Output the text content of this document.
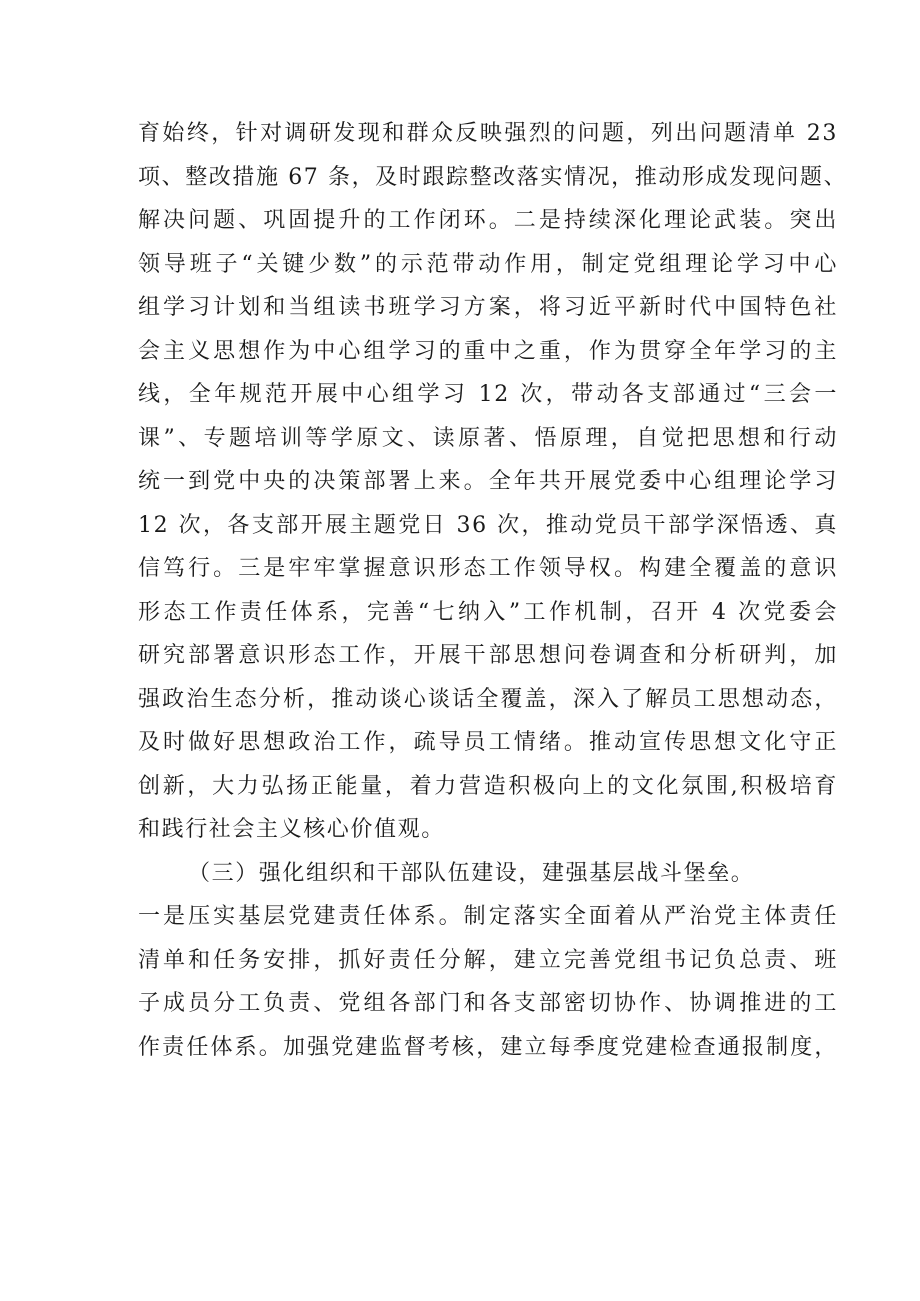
育始终，针对调研发现和群众反映强烈的问题，列出问题清单 23
项、整改措施 67 条，及时跟踪整改落实情况，推动形成发现问题、
解决问题、巩固提升的工作闭环。二是持续深化理论武装。突出
领导班子“关键少数”的示范带动作用，制定党组理论学习中心
组学习计划和当组读书班学习方案，将习近平新时代中国特色社
会主义思想作为中心组学习的重中之重，作为贯穿全年学习的主
线，全年规范开展中心组学习 12 次，带动各支部通过“三会一
课”、专题培训等学原文、读原著、悟原理，自觉把思想和行动
统一到党中央的决策部署上来。全年共开展党委中心组理论学习
12 次，各支部开展主题党日 36 次，推动党员干部学深悟透、真
信笃行。三是牢牢掌握意识形态工作领导权。构建全覆盖的意识
形态工作责任体系，完善“七纳入”工作机制，召开 4 次党委会
研究部署意识形态工作，开展干部思想问卷调查和分析研判，加
强政治生态分析，推动谈心谈话全覆盖，深入了解员工思想动态，
及时做好思想政治工作，疏导员工情绪。推动宣传思想文化守正
创新，大力弘扬正能量，着力营造积极向上的文化氛围,积极培育
和践行社会主义核心价值观。
（三）强化组织和干部队伍建设，建强基层战斗堡垒。
一是压实基层党建责任体系。制定落实全面着从严治党主体责任
清单和任务安排，抓好责任分解，建立完善党组书记负总责、班
子成员分工负责、党组各部门和各支部密切协作、协调推进的工
作责任体系。加强党建监督考核，建立每季度党建检查通报制度，
